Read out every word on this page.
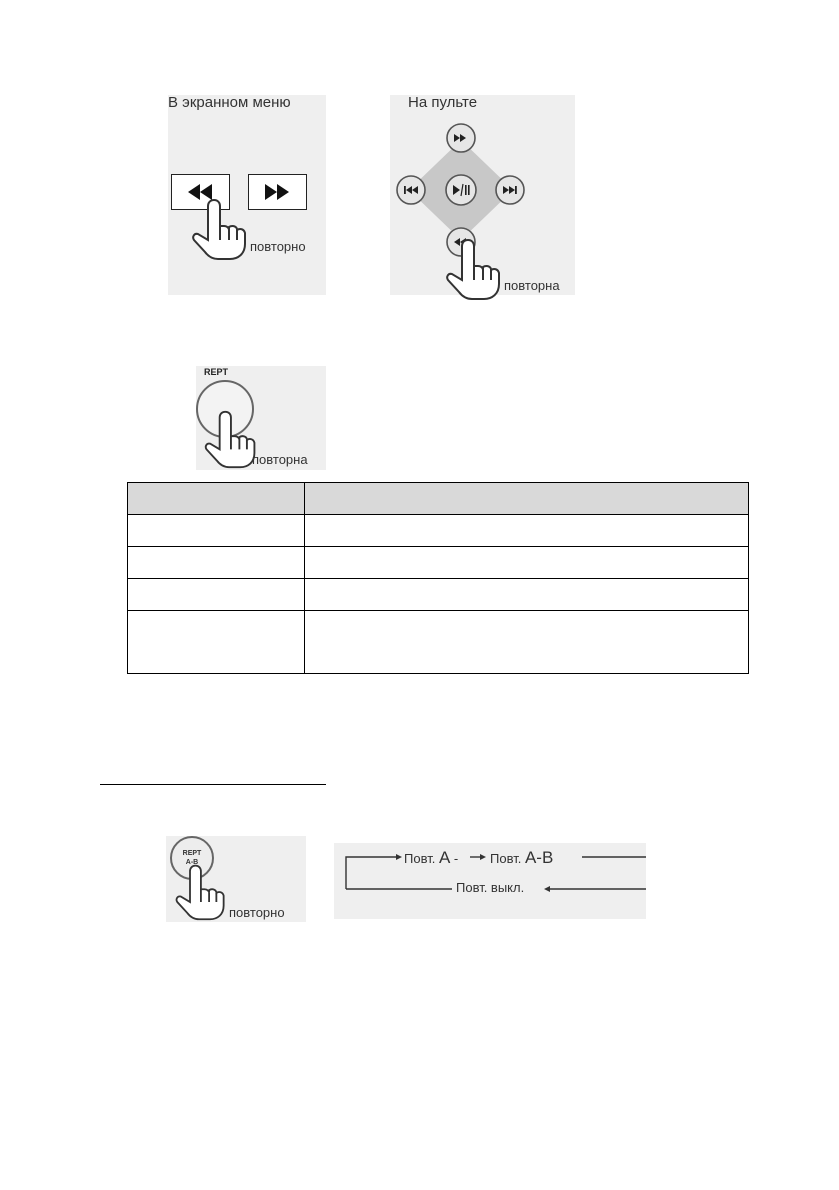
В экранном меню
повторно
На пульте
повторна
REPT
повторна

REPT
A-B
повторно
Повт. A - Повт. A-B
Повт. выкл.
